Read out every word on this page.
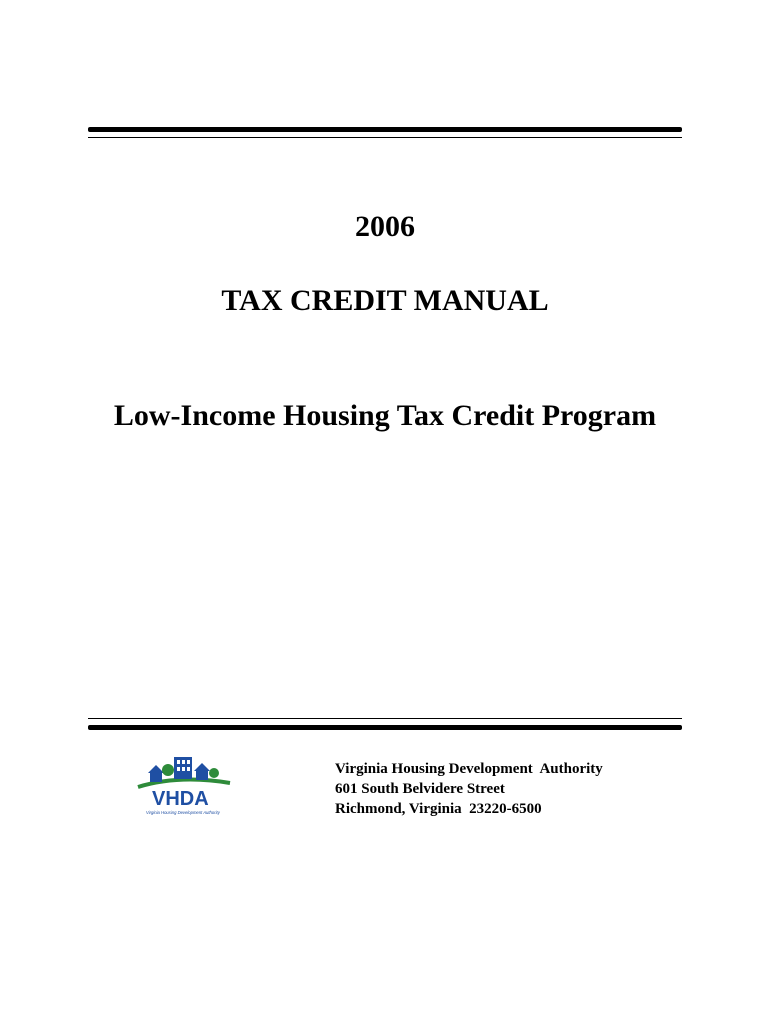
2006
TAX CREDIT MANUAL
Low-Income Housing Tax Credit Program
VHDA
Virginia Housing Development Authority
Virginia Housing Development  Authority
601 South Belvidere Street
Richmond, Virginia  23220-6500
